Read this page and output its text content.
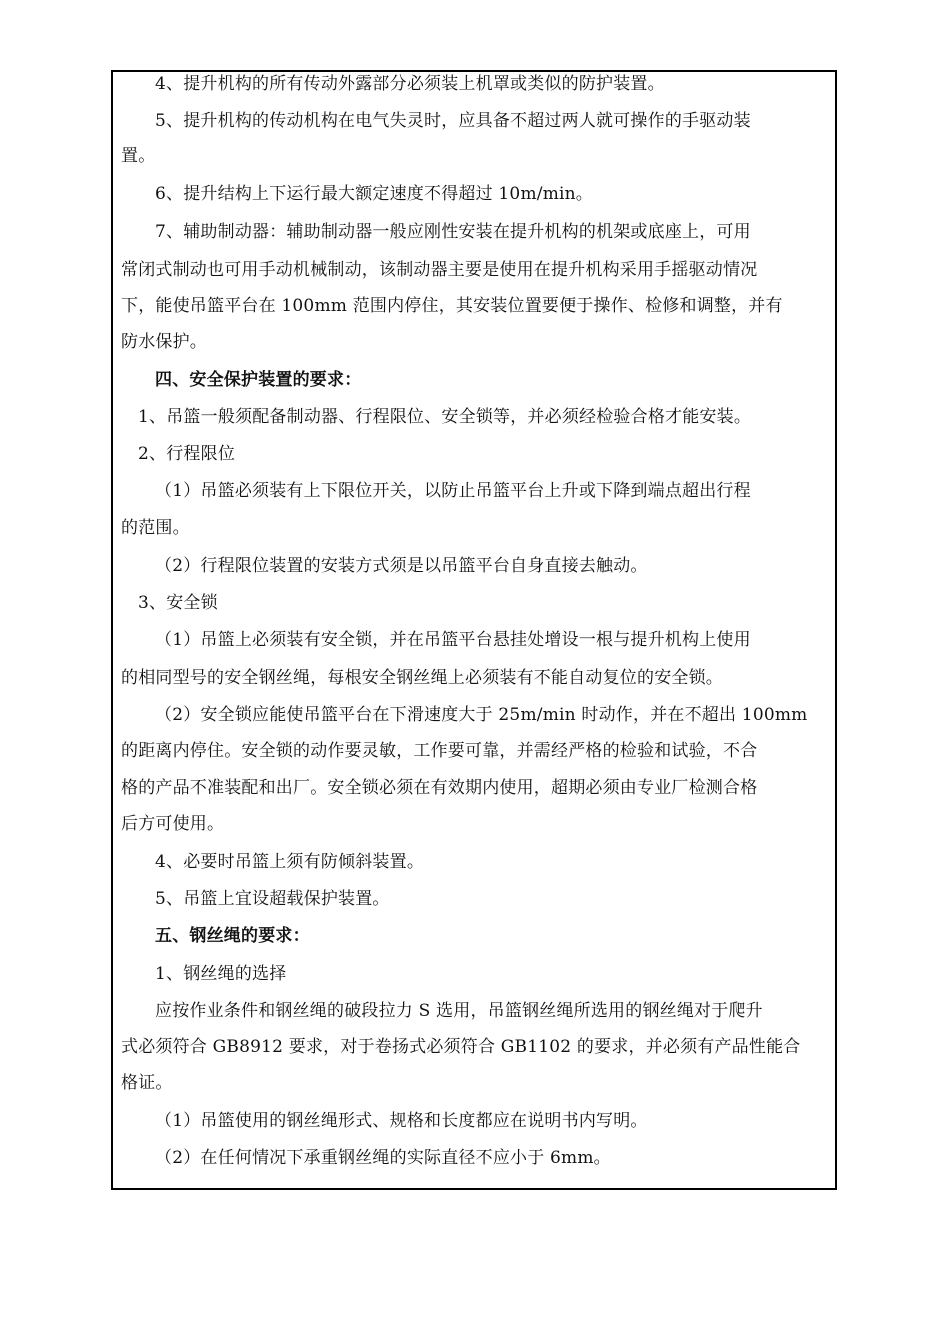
4、提升机构的所有传动外露部分必须装上机罩或类似的防护装置。
5、提升机构的传动机构在电气失灵时，应具备不超过两人就可操作的手驱动装
置。
6、提升结构上下运行最大额定速度不得超过 10m/min。
7、辅助制动器：辅助制动器一般应刚性安装在提升机构的机架或底座上，可用
常闭式制动也可用手动机械制动，该制动器主要是使用在提升机构采用手摇驱动情况
下，能使吊篮平台在 100mm 范围内停住，其安装位置要便于操作、检修和调整，并有
防水保护。
四、安全保护装置的要求：
1、吊篮一般须配备制动器、行程限位、安全锁等，并必须经检验合格才能安装。
2、行程限位
（1）吊篮必须装有上下限位开关，以防止吊篮平台上升或下降到端点超出行程
的范围。
（2）行程限位装置的安装方式须是以吊篮平台自身直接去触动。
3、安全锁
（1）吊篮上必须装有安全锁，并在吊篮平台悬挂处增设一根与提升机构上使用
的相同型号的安全钢丝绳，每根安全钢丝绳上必须装有不能自动复位的安全锁。
（2）安全锁应能使吊篮平台在下滑速度大于 25m/min 时动作，并在不超出 100mm
的距离内停住。安全锁的动作要灵敏，工作要可靠，并需经严格的检验和试验，不合
格的产品不准装配和出厂。安全锁必须在有效期内使用，超期必须由专业厂检测合格
后方可使用。
4、必要时吊篮上须有防倾斜装置。
5、吊篮上宜设超载保护装置。
五、钢丝绳的要求：
1、钢丝绳的选择
应按作业条件和钢丝绳的破段拉力 S 选用，吊篮钢丝绳所选用的钢丝绳对于爬升
式必须符合 GB8912 要求，对于卷扬式必须符合 GB1102 的要求，并必须有产品性能合
格证。
（1）吊篮使用的钢丝绳形式、规格和长度都应在说明书内写明。
（2）在任何情况下承重钢丝绳的实际直径不应小于 6mm。
